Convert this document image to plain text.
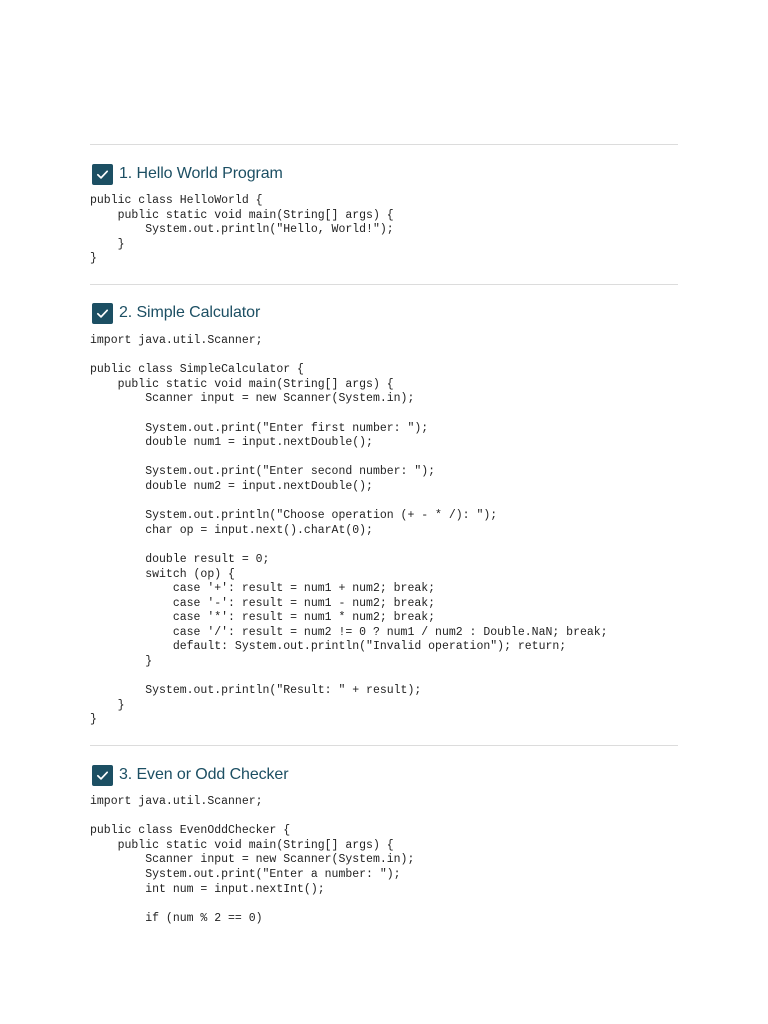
1. Hello World Program
public class HelloWorld {
public static void main(String[] args) {
System.out.println("Hello, World!");
}
}
2. Simple Calculator
import java.util.Scanner;

public class SimpleCalculator {
public static void main(String[] args) {
Scanner input = new Scanner(System.in);

System.out.print("Enter first number: ");
double num1 = input.nextDouble();

System.out.print("Enter second number: ");
double num2 = input.nextDouble();

System.out.println("Choose operation (+ - * /): ");
char op = input.next().charAt(0);

double result = 0;
switch (op) {
case '+': result = num1 + num2; break;
case '-': result = num1 - num2; break;
case '*': result = num1 * num2; break;
case '/': result = num2 != 0 ? num1 / num2 : Double.NaN; break;
default: System.out.println("Invalid operation"); return;
}

System.out.println("Result: " + result);
}
}
3. Even or Odd Checker
import java.util.Scanner;

public class EvenOddChecker {
public static void main(String[] args) {
Scanner input = new Scanner(System.in);
System.out.print("Enter a number: ");
int num = input.nextInt();

if (num % 2 == 0)
